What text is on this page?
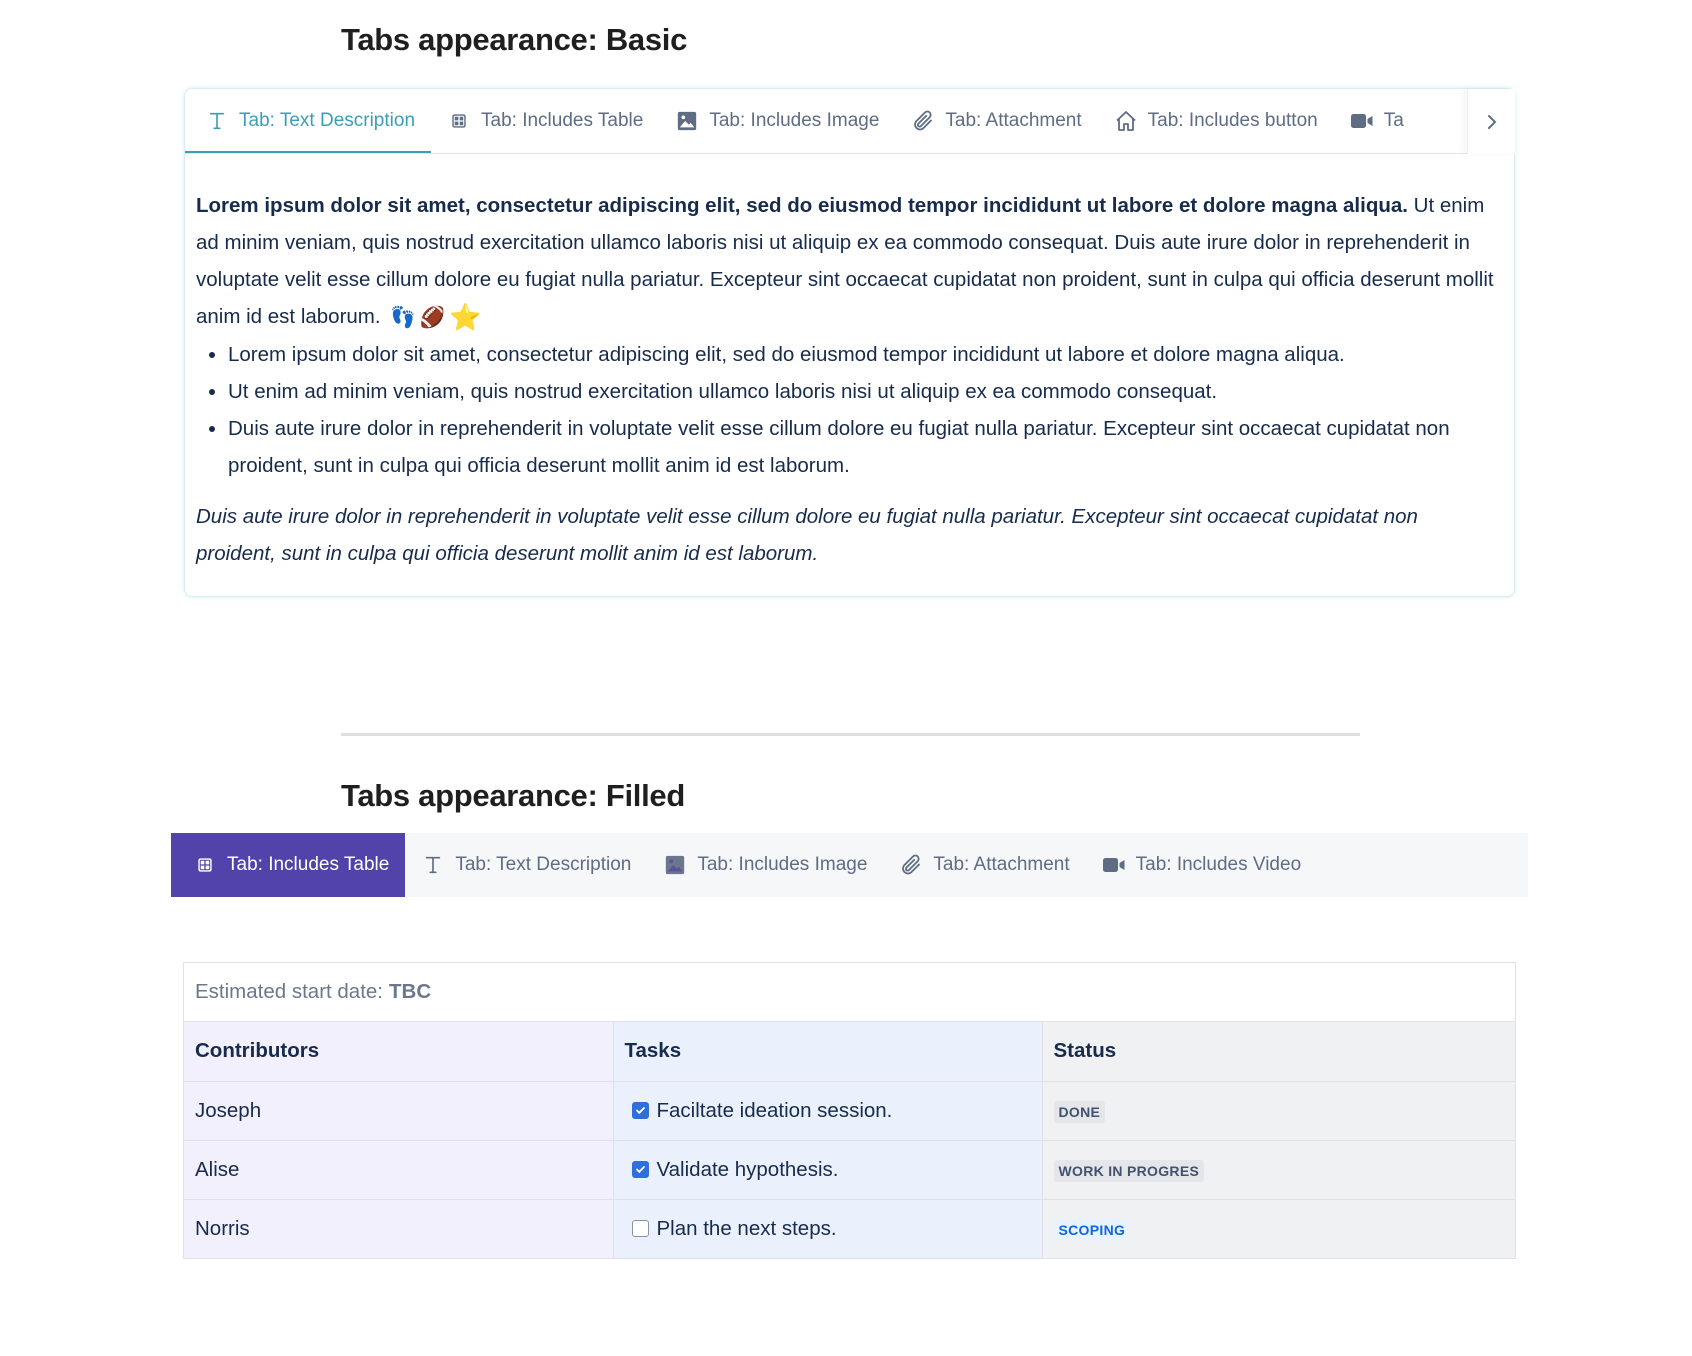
Tabs appearance: Basic
Tab: Text Description	Tab: Includes Table	Tab: Includes Image	Tab: Attachment	Tab: Includes button	Ta

Lorem ipsum dolor sit amet, consectetur adipiscing elit, sed do eiusmod tempor incididunt ut labore et dolore magna aliqua. Ut enim ad minim veniam, quis nostrud exercitation ullamco laboris nisi ut aliquip ex ea commodo consequat. Duis aute irure dolor in reprehenderit in voluptate velit esse cillum dolore eu fugiat nulla pariatur. Excepteur sint occaecat cupidatat non proident, sunt in culpa qui officia deserunt mollit anim id est laborum. 👣 🏈 ⭐

• Lorem ipsum dolor sit amet, consectetur adipiscing elit, sed do eiusmod tempor incididunt ut labore et dolore magna aliqua.
• Ut enim ad minim veniam, quis nostrud exercitation ullamco laboris nisi ut aliquip ex ea commodo consequat.
• Duis aute irure dolor in reprehenderit in voluptate velit esse cillum dolore eu fugiat nulla pariatur. Excepteur sint occaecat cupidatat non proident, sunt in culpa qui officia deserunt mollit anim id est laborum.

Duis aute irure dolor in reprehenderit in voluptate velit esse cillum dolore eu fugiat nulla pariatur. Excepteur sint occaecat cupidatat non proident, sunt in culpa qui officia deserunt mollit anim id est laborum.

Tabs appearance: Filled
Tab: Includes Table	Tab: Text Description	Tab: Includes Image	Tab: Attachment	Tab: Includes Video
Estimated start date: TBC
Contributors	Tasks	Status
Joseph	Faciltate ideation session.	DONE
Alise	Validate hypothesis.	WORK IN PROGRES
Norris	Plan the next steps.	SCOPING
